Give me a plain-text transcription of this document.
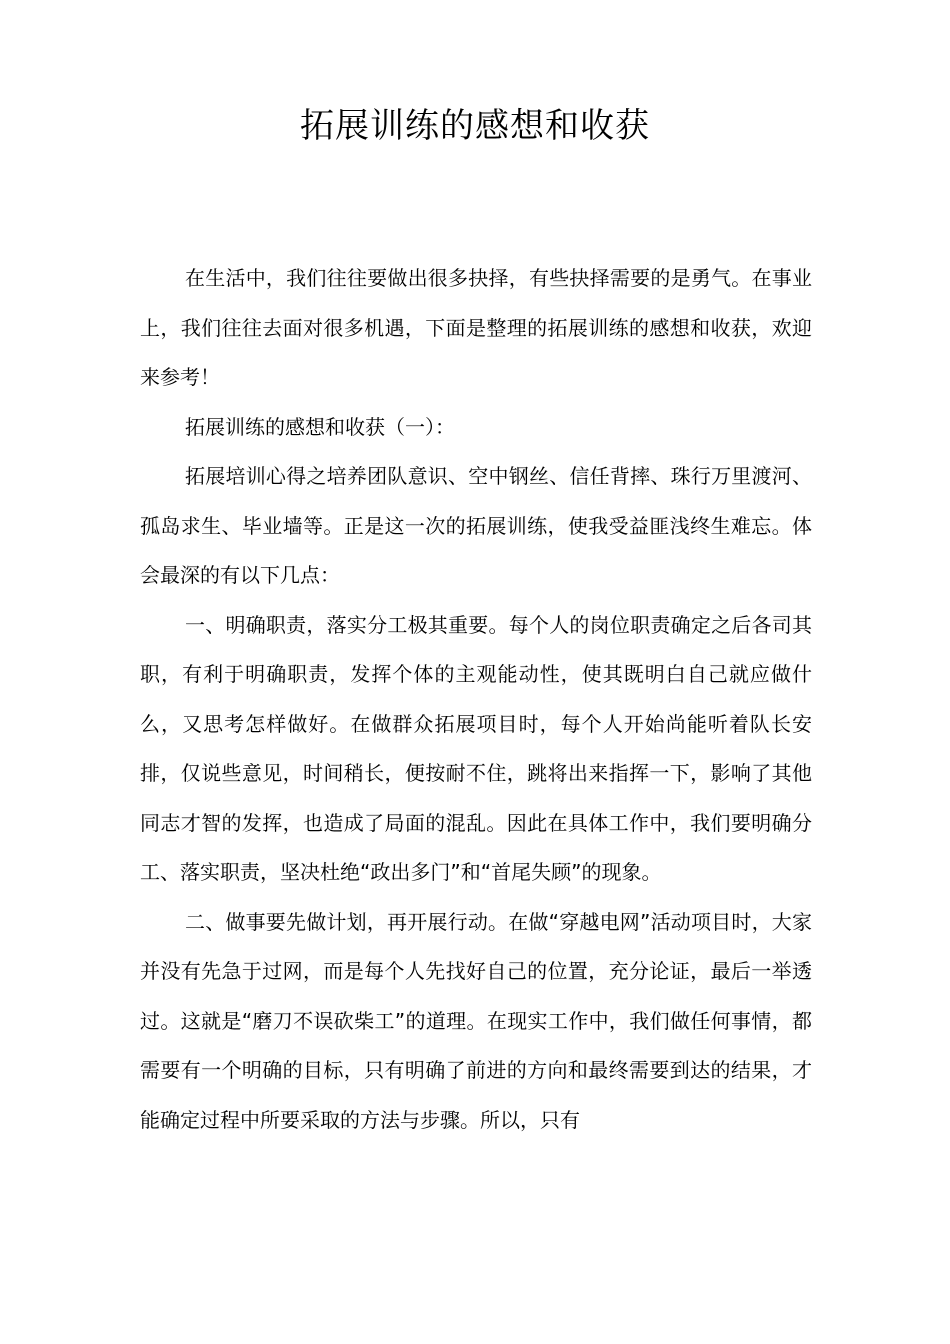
拓展训练的感想和收获

在生活中，我们往往要做出很多抉择，有些抉择需要的是勇气。在事业上，我们往往去面对很多机遇，下面是整理的拓展训练的感想和收获，欢迎来参考！

拓展训练的感想和收获（一）：

拓展培训心得之培养团队意识、空中钢丝、信任背摔、珠行万里渡河、孤岛求生、毕业墙等。正是这一次的拓展训练，使我受益匪浅终生难忘。体会最深的有以下几点：

一、明确职责，落实分工极其重要。每个人的岗位职责确定之后各司其职，有利于明确职责，发挥个体的主观能动性，使其既明白自己就应做什么，又思考怎样做好。在做群众拓展项目时，每个人开始尚能听着队长安排，仅说些意见，时间稍长，便按耐不住，跳将出来指挥一下，影响了其他同志才智的发挥，也造成了局面的混乱。因此在具体工作中，我们要明确分工、落实职责，坚决杜绝“政出多门”和“首尾失顾”的现象。

二、做事要先做计划，再开展行动。在做“穿越电网”活动项目时，大家并没有先急于过网，而是每个人先找好自己的位置，充分论证，最后一举透过。这就是“磨刀不误砍柴工”的道理。在现实工作中，我们做任何事情，都需要有一个明确的目标，只有明确了前进的方向和最终需要到达的结果，才能确定过程中所要采取的方法与步骤。所以，只有
